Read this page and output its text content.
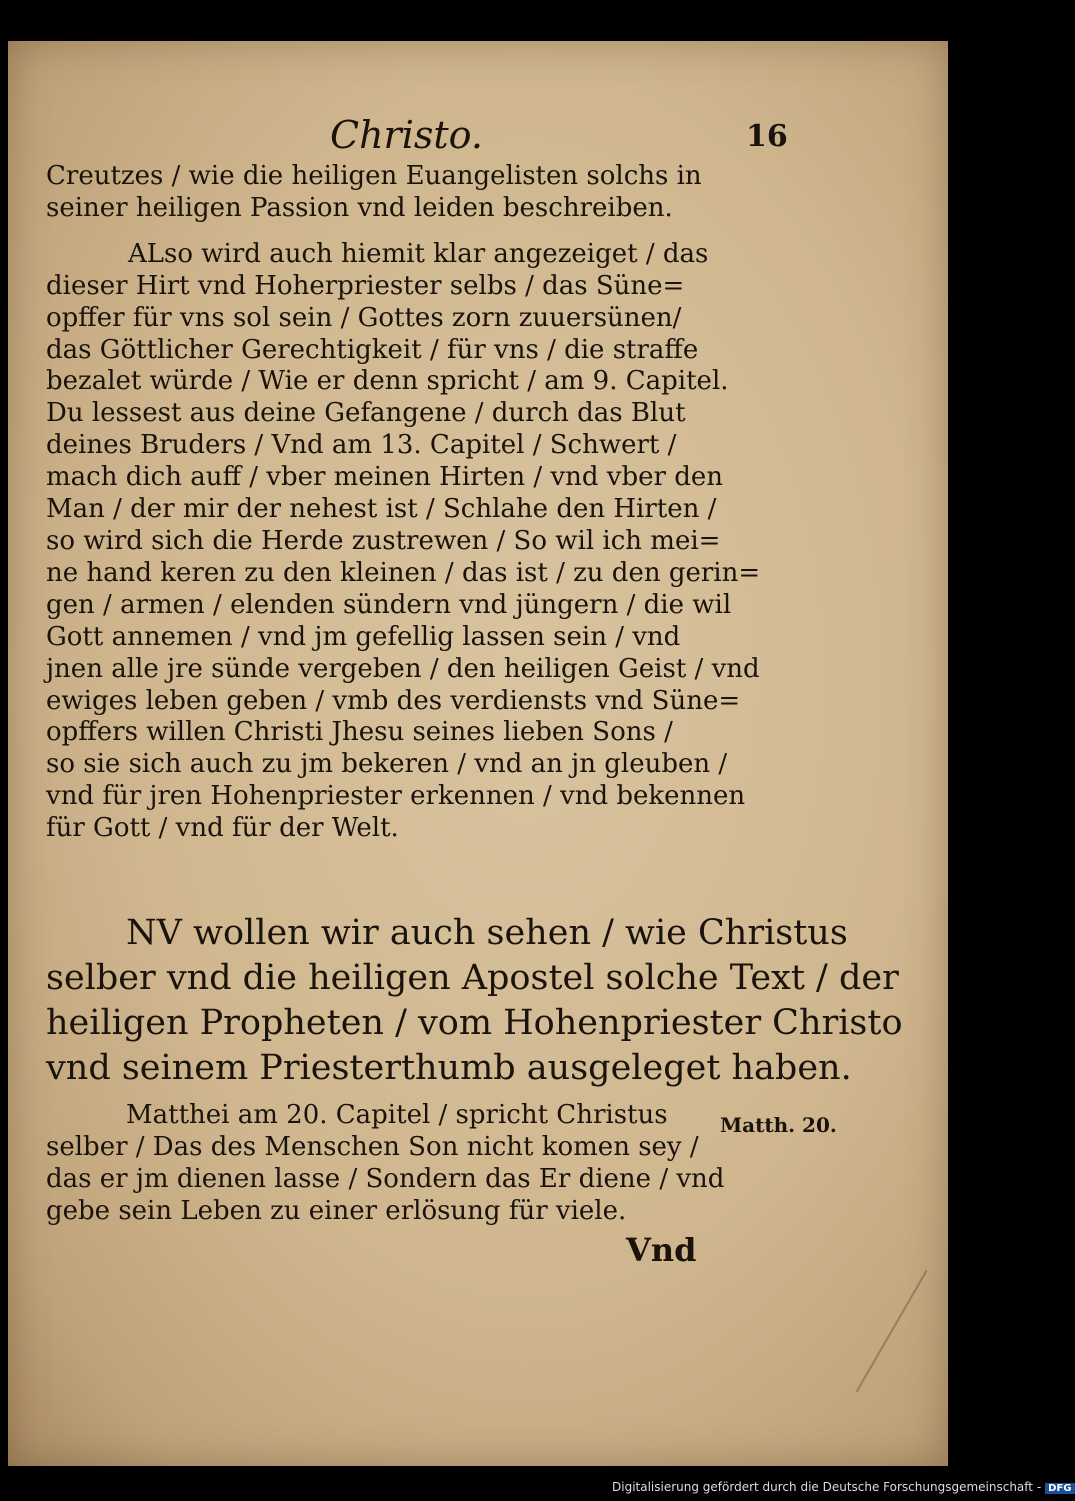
Christo.	16
Creutzes / wie die heiligen Euangelisten solchs in
seiner heiligen Passion vnd leiden beschreiben.
ALso wird auch hiemit klar angezeiget / das
dieser Hirt vnd Hoherpriester selbs / das Süne=
opffer für vns sol sein / Gottes zorn zuuersünen/
das Göttlicher Gerechtigkeit / für vns / die straffe
bezalet würde / Wie er denn spricht / am 9. Capitel.
Du lessest aus deine Gefangene / durch das Blut
deines Bruders / Vnd am 13. Capitel / Schwert /
mach dich auff / vber meinen Hirten / vnd vber den
Man / der mir der nehest ist / Schlahe den Hirten /
so wird sich die Herde zustrewen / So wil ich mei=
ne hand keren zu den kleinen / das ist / zu den gerin=
gen / armen / elenden sündern vnd jüngern / die wil
Gott annemen / vnd jm gefellig lassen sein / vnd
jnen alle jre sünde vergeben / den heiligen Geist / vnd
ewiges leben geben / vmb des verdiensts vnd Süne=
opffers willen Christi Jhesu seines lieben Sons /
so sie sich auch zu jm bekeren / vnd an jn gleuben /
vnd für jren Hohenpriester erkennen / vnd bekennen
für Gott / vnd für der Welt.
NV wollen wir auch sehen / wie Christus
selber vnd die heiligen Apostel solche Text / der
heiligen Propheten / vom Hohenpriester Christo
vnd seinem Priesterthumb ausgeleget haben.
Matthei am 20. Capitel / spricht Christus
selber / Das des Menschen Son nicht komen sey /
das er jm dienen lasse / Sondern das Er diene / vnd
gebe sein Leben zu einer erlösung für viele.
Matth. 20.
Vnd
Digitalisierung gefördert durch die Deutsche Forschungsgemeinschaft - DFG
